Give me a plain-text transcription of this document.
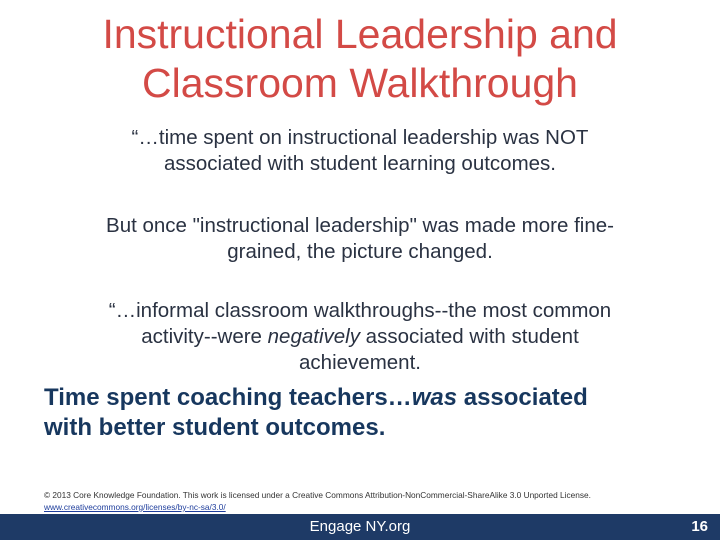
Instructional Leadership and
Classroom Walkthrough
“…time spent on instructional leadership was NOT
associated with student learning outcomes.
But once "instructional leadership" was made more fine-
grained, the picture changed.
“…informal classroom walkthroughs--the most common
activity--were negatively associated with student
achievement.
Time spent coaching teachers…was associated
with better student outcomes.
© 2013 Core Knowledge Foundation. This work is licensed under a Creative Commons Attribution-NonCommercial-ShareAlike 3.0 Unported License.
www.creativecommons.org/licenses/by-nc-sa/3.0/
Engage NY.org	16
